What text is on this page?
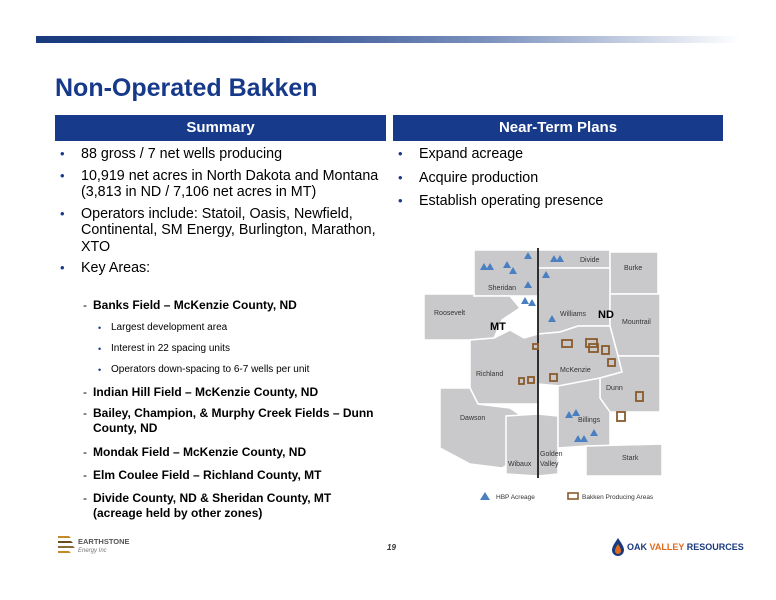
Non-Operated Bakken
Summary	Near-Term Plans
•	88 gross / 7 net wells producing
•	10,919 net acres in North Dakota and Montana (3,813 in ND / 7,106 net acres in MT)
•	Operators include: Statoil, Oasis, Newfield, Continental, SM Energy, Burlington, Marathon, XTO
•	Key Areas:
- Banks Field – McKenzie County, ND
• Largest development area
• Interest in 22 spacing units
• Operators down-spacing to 6-7 wells per unit
- Indian Hill Field – McKenzie County, ND
- Bailey, Champion, & Murphy Creek Fields – Dunn County, ND
- Mondak Field – McKenzie County, ND
- Elm Coulee Field – Richland County, MT
- Divide County, ND & Sheridan County, MT (acreage held by other zones)
•	Expand acreage
•	Acquire production
•	Establish operating presence
Divide
Burke
Sheridan
Roosevelt	Williams
Mountrail
Richland
McKenzie
Dunn
Dawson	Billings
Golden
Valley
Wibaux
Stark
MT
ND
HBP Acreage	Bakken Producing Areas
EARTHSTONE
Energy Inc	19	OAK VALLEY RESOURCES
